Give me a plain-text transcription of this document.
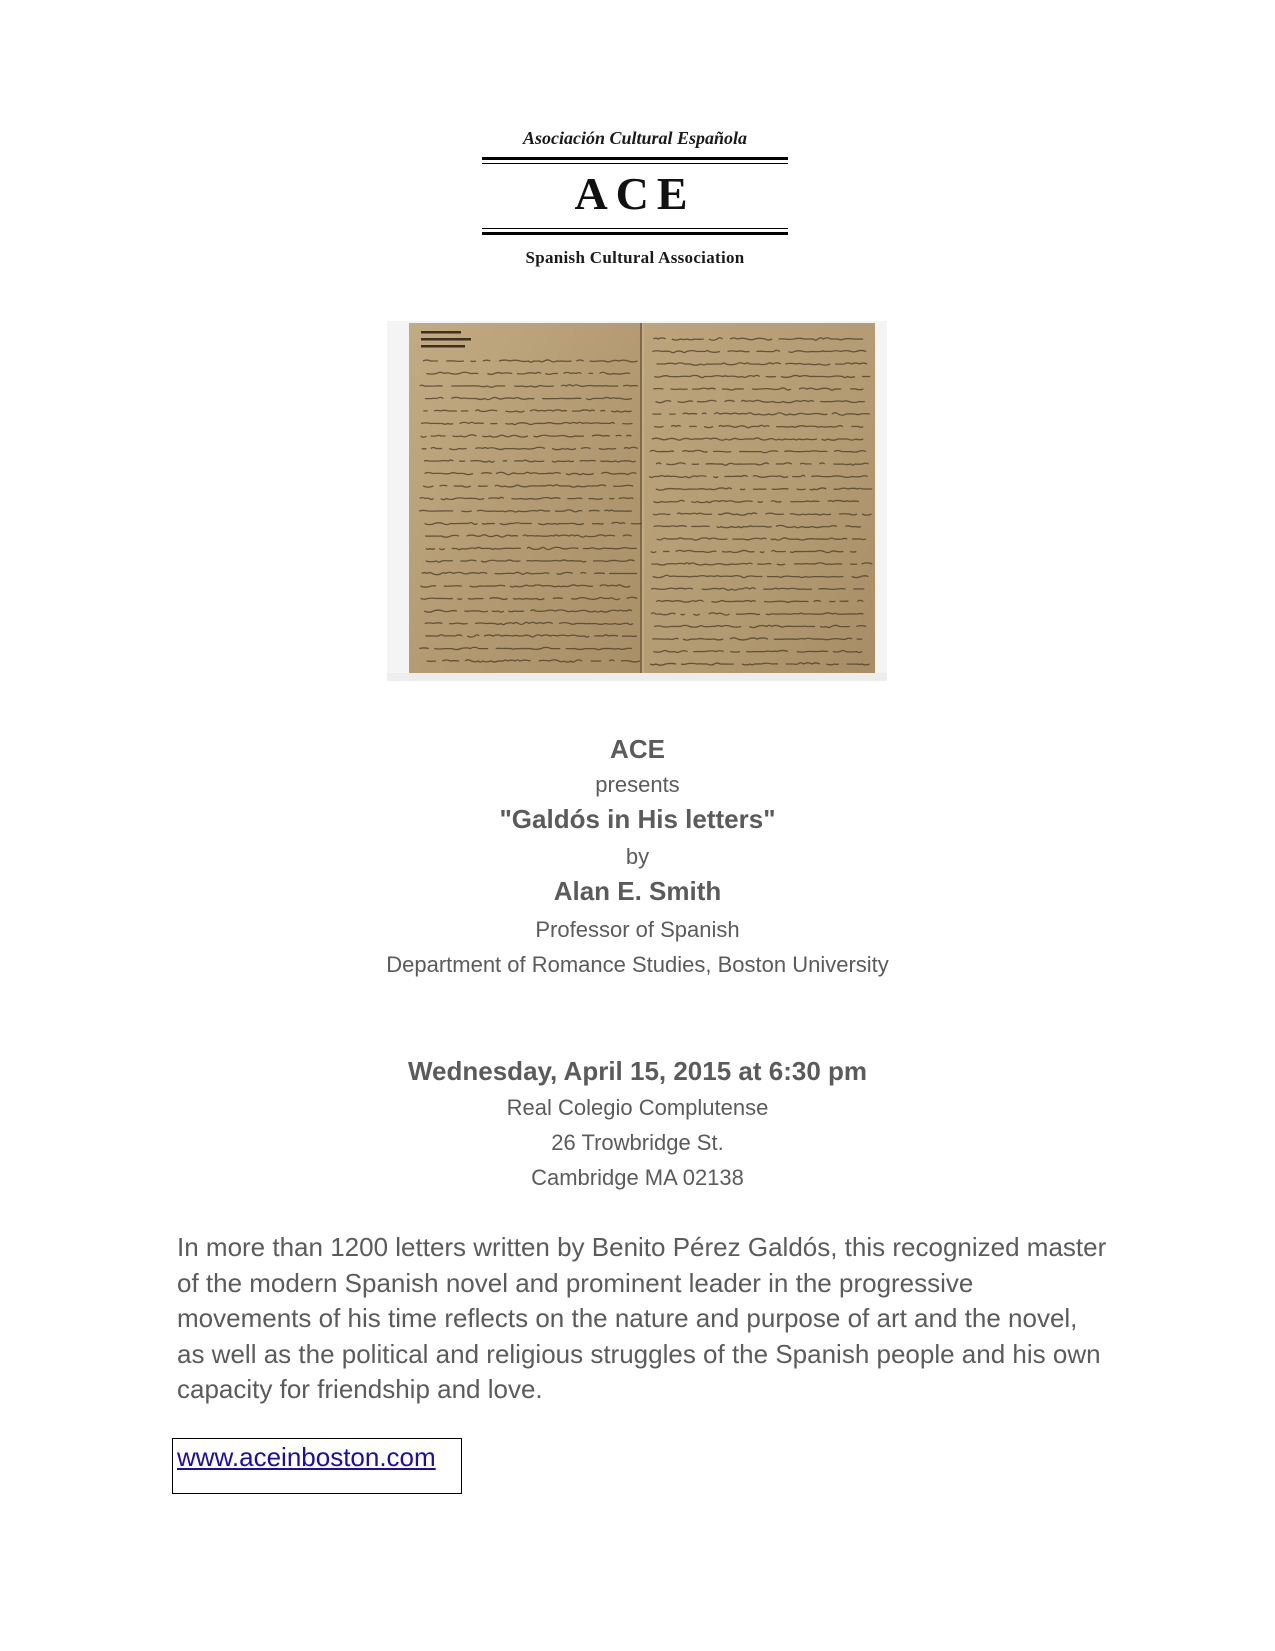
Asociación Cultural Española
ACE
Spanish Cultural Association
ACE
presents
"Galdós in His letters"
by
Alan E. Smith
Professor of Spanish
Department of Romance Studies, Boston University
Wednesday, April 15, 2015 at 6:30 pm
Real Colegio Complutense
26 Trowbridge St.
Cambridge MA 02138

In more than 1200 letters written by Benito Pérez Galdós, this recognized master of the modern Spanish novel and prominent leader in the progressive movements of his time reflects on the nature and purpose of art and the novel, as well as the political and religious struggles of the Spanish people and his own capacity for friendship and love.

www.aceinboston.com
